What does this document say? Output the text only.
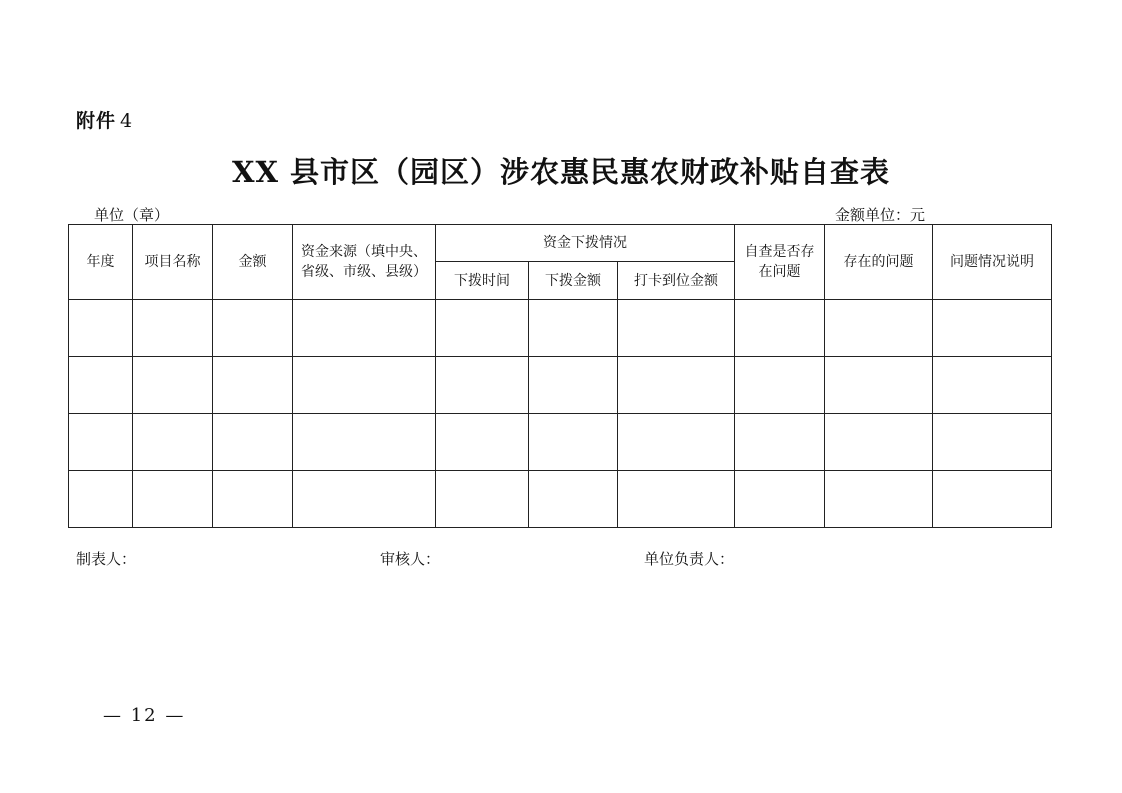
附件 4
XX 县市区（园区）涉农惠民惠农财政补贴自查表
单位（章）	金额单位：元
年度	项目名称	金额	资金来源（填中央、省级、市级、县级）	资金下拨情况			自查是否存在问题	存在的问题	问题情况说明
				下拨时间	下拨金额	打卡到位金额			

制表人：	审核人：	单位负责人：
— 12 —
